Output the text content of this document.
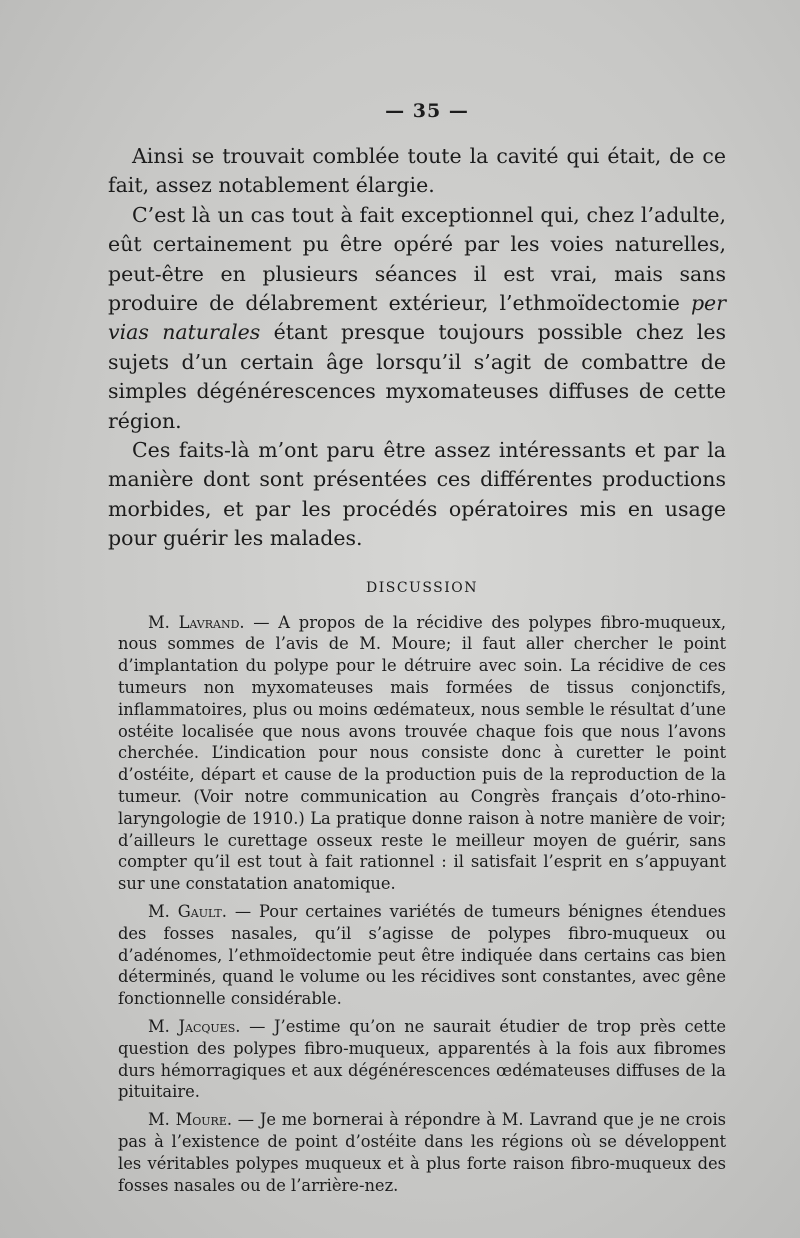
— 35 —

Ainsi se trouvait comblée toute la cavité qui était, de ce fait, assez notablement élargie.

C’est là un cas tout à fait exceptionnel qui, chez l’adulte, eût certainement pu être opéré par les voies naturelles, peut-être en plusieurs séances il est vrai, mais sans produire de délabrement extérieur, l’ethmoïdectomie per vias naturales étant presque toujours possible chez les sujets d’un certain âge lorsqu’il s’agit de combattre de simples dégénérescences myxomateuses diffuses de cette région.

Ces faits-là m’ont paru être assez intéressants et par la manière dont sont présentées ces différentes productions morbides, et par les procédés opératoires mis en usage pour guérir les malades.

DISCUSSION

M. Lavrand. — A propos de la récidive des polypes fibro-muqueux, nous sommes de l’avis de M. Moure; il faut aller chercher le point d’implantation du polype pour le détruire avec soin. La récidive de ces tumeurs non myxomateuses mais formées de tissus conjonctifs, inflammatoires, plus ou moins œdémateux, nous semble le résultat d’une ostéite localisée que nous avons trouvée chaque fois que nous l’avons cherchée. L’indication pour nous consiste donc à curetter le point d’ostéite, départ et cause de la production puis de la reproduction de la tumeur. (Voir notre communication au Congrès français d’oto-rhino-laryngologie de 1910.) La pratique donne raison à notre manière de voir; d’ailleurs le curettage osseux reste le meilleur moyen de guérir, sans compter qu’il est tout à fait rationnel : il satisfait l’esprit en s’appuyant sur une constatation anatomique.

M. Gault. — Pour certaines variétés de tumeurs bénignes étendues des fosses nasales, qu’il s’agisse de polypes fibro-muqueux ou d’adénomes, l’ethmoïdectomie peut être indiquée dans certains cas bien déterminés, quand le volume ou les récidives sont constantes, avec gêne fonctionnelle considérable.

M. Jacques. — J’estime qu’on ne saurait étudier de trop près cette question des polypes fibro-muqueux, apparentés à la fois aux fibromes durs hémorragiques et aux dégénérescences œdémateuses diffuses de la pituitaire.

M. Moure. — Je me bornerai à répondre à M. Lavrand que je ne crois pas à l’existence de point d’ostéite dans les régions où se développent les véritables polypes muqueux et à plus forte raison fibro-muqueux des fosses nasales ou de l’arrière-nez.
